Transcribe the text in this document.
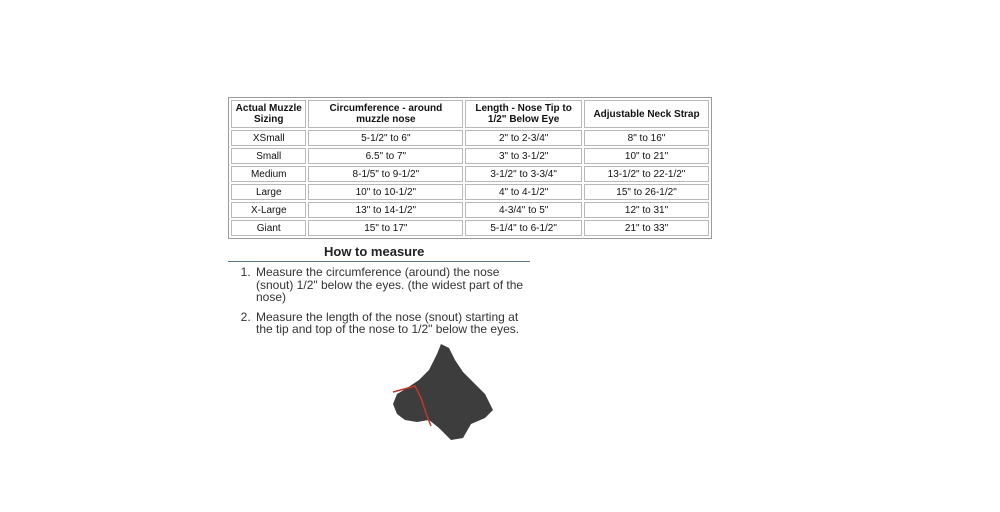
Actual Muzzle Sizing	Circumference - around muzzle nose	Length - Nose Tip to 1/2" Below Eye	Adjustable Neck Strap
XSmall	5-1/2" to 6"	2" to 2-3/4"	8" to 16"
Small	6.5" to 7"	3" to 3-1/2"	10" to 21"
Medium	8-1/5" to 9-1/2"	3-1/2" to 3-3/4"	13-1/2" to 22-1/2"
Large	10" to 10-1/2"	4" to 4-1/2"	15" to 26-1/2"
X-Large	13" to 14-1/2"	4-3/4" to 5"	12" to 31"
Giant	15" to 17"	5-1/4" to 6-1/2"	21" to 33"
How to measure
1. Measure the circumference (around) the nose (snout) 1/2" below the eyes. (the widest part of the nose)
2. Measure the length of the nose (snout) starting at the tip and top of the nose to 1/2" below the eyes.
